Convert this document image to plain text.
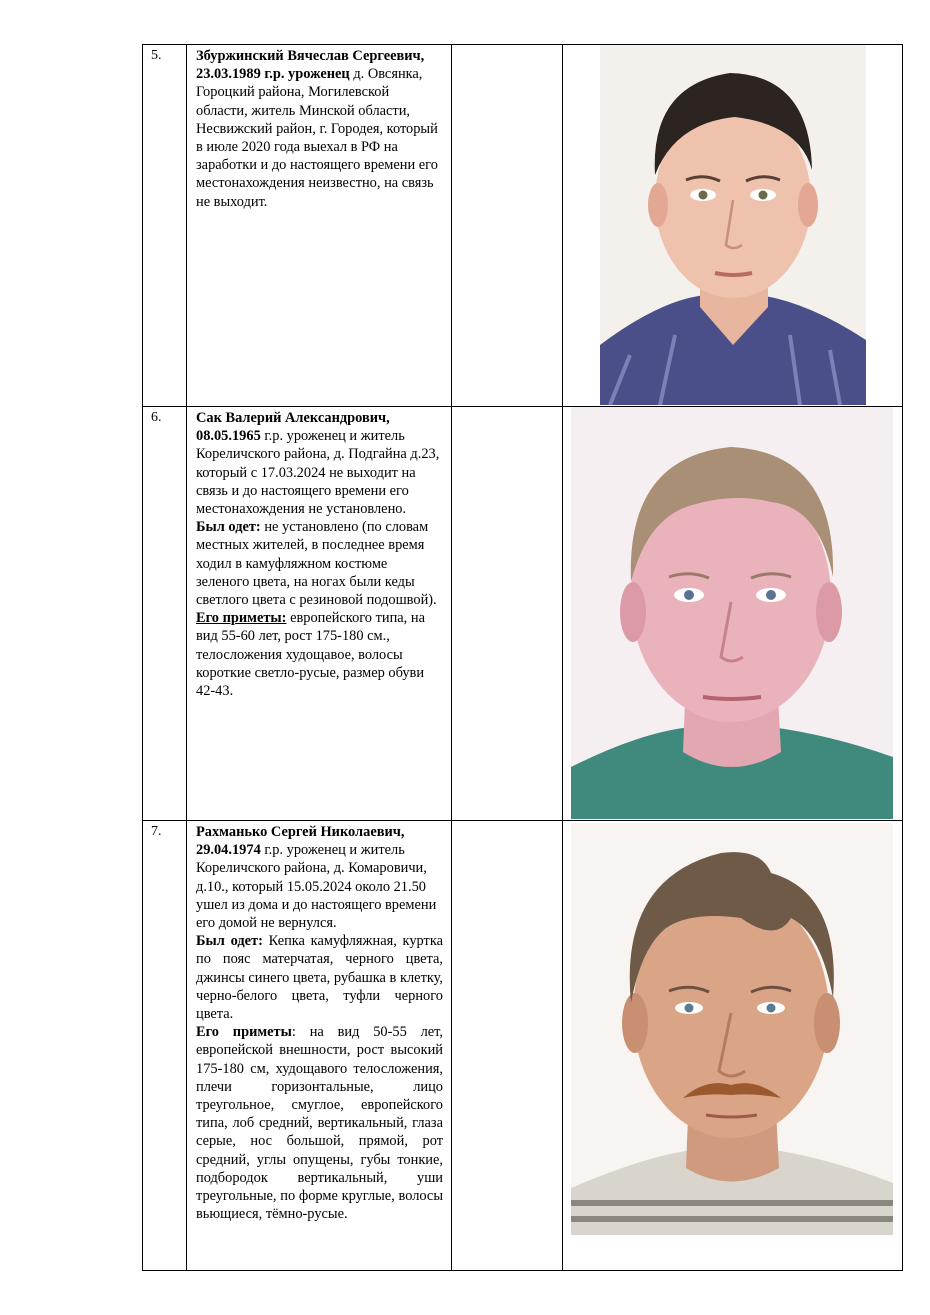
5.	Збуржинский Вячеслав Сергеевич, 23.03.1989 г.р. уроженец д. Овсянка, Гороцкий района, Могилевской области, житель Минской области, Несвижский район, г. Городея, который в июле 2020 года выехал в РФ на заработки и до настоящего времени его местонахождения неизвестно, на связь не выходит.

6.	Сак Валерий Александрович, 08.05.1965 г.р. уроженец и житель Кореличского района, д. Подгайна д.23, который с 17.03.2024 не выходит на связь и до настоящего времени его местонахождения не установлено.

Был одет: не установлено (по словам местных жителей, в последнее время ходил в камуфляжном костюме зеленого цвета, на ногах были кеды светлого цвета с резиновой подошвой).

Его приметы: европейского типа, на вид 55-60 лет, рост 175-180 см., телосложения худощавое, волосы короткие светло-русые, размер обуви 42-43.

7.	Рахманько Сергей Николаевич, 29.04.1974 г.р. уроженец и житель Кореличского района, д. Комаровичи, д.10., который 15.05.2024 около 21.50 ушел из дома и до настоящего времени его домой не вернулся.

Был одет: Кепка камуфляжная, куртка по пояс матерчатая, черного цвета, джинсы синего цвета, рубашка в клетку, черно-белого цвета, туфли черного цвета.

Его приметы: на вид 50-55 лет, европейской внешности, рост высокий 175-180 см, худощавого телосложения, плечи горизонтальные, лицо треугольное, смуглое, европейского типа, лоб средний, вертикальный, глаза серые, нос большой, прямой, рот средний, углы опущены, губы тонкие, подбородок вертикальный, уши треугольные, по форме круглые, волосы вьющиеся, тёмно-русые.
